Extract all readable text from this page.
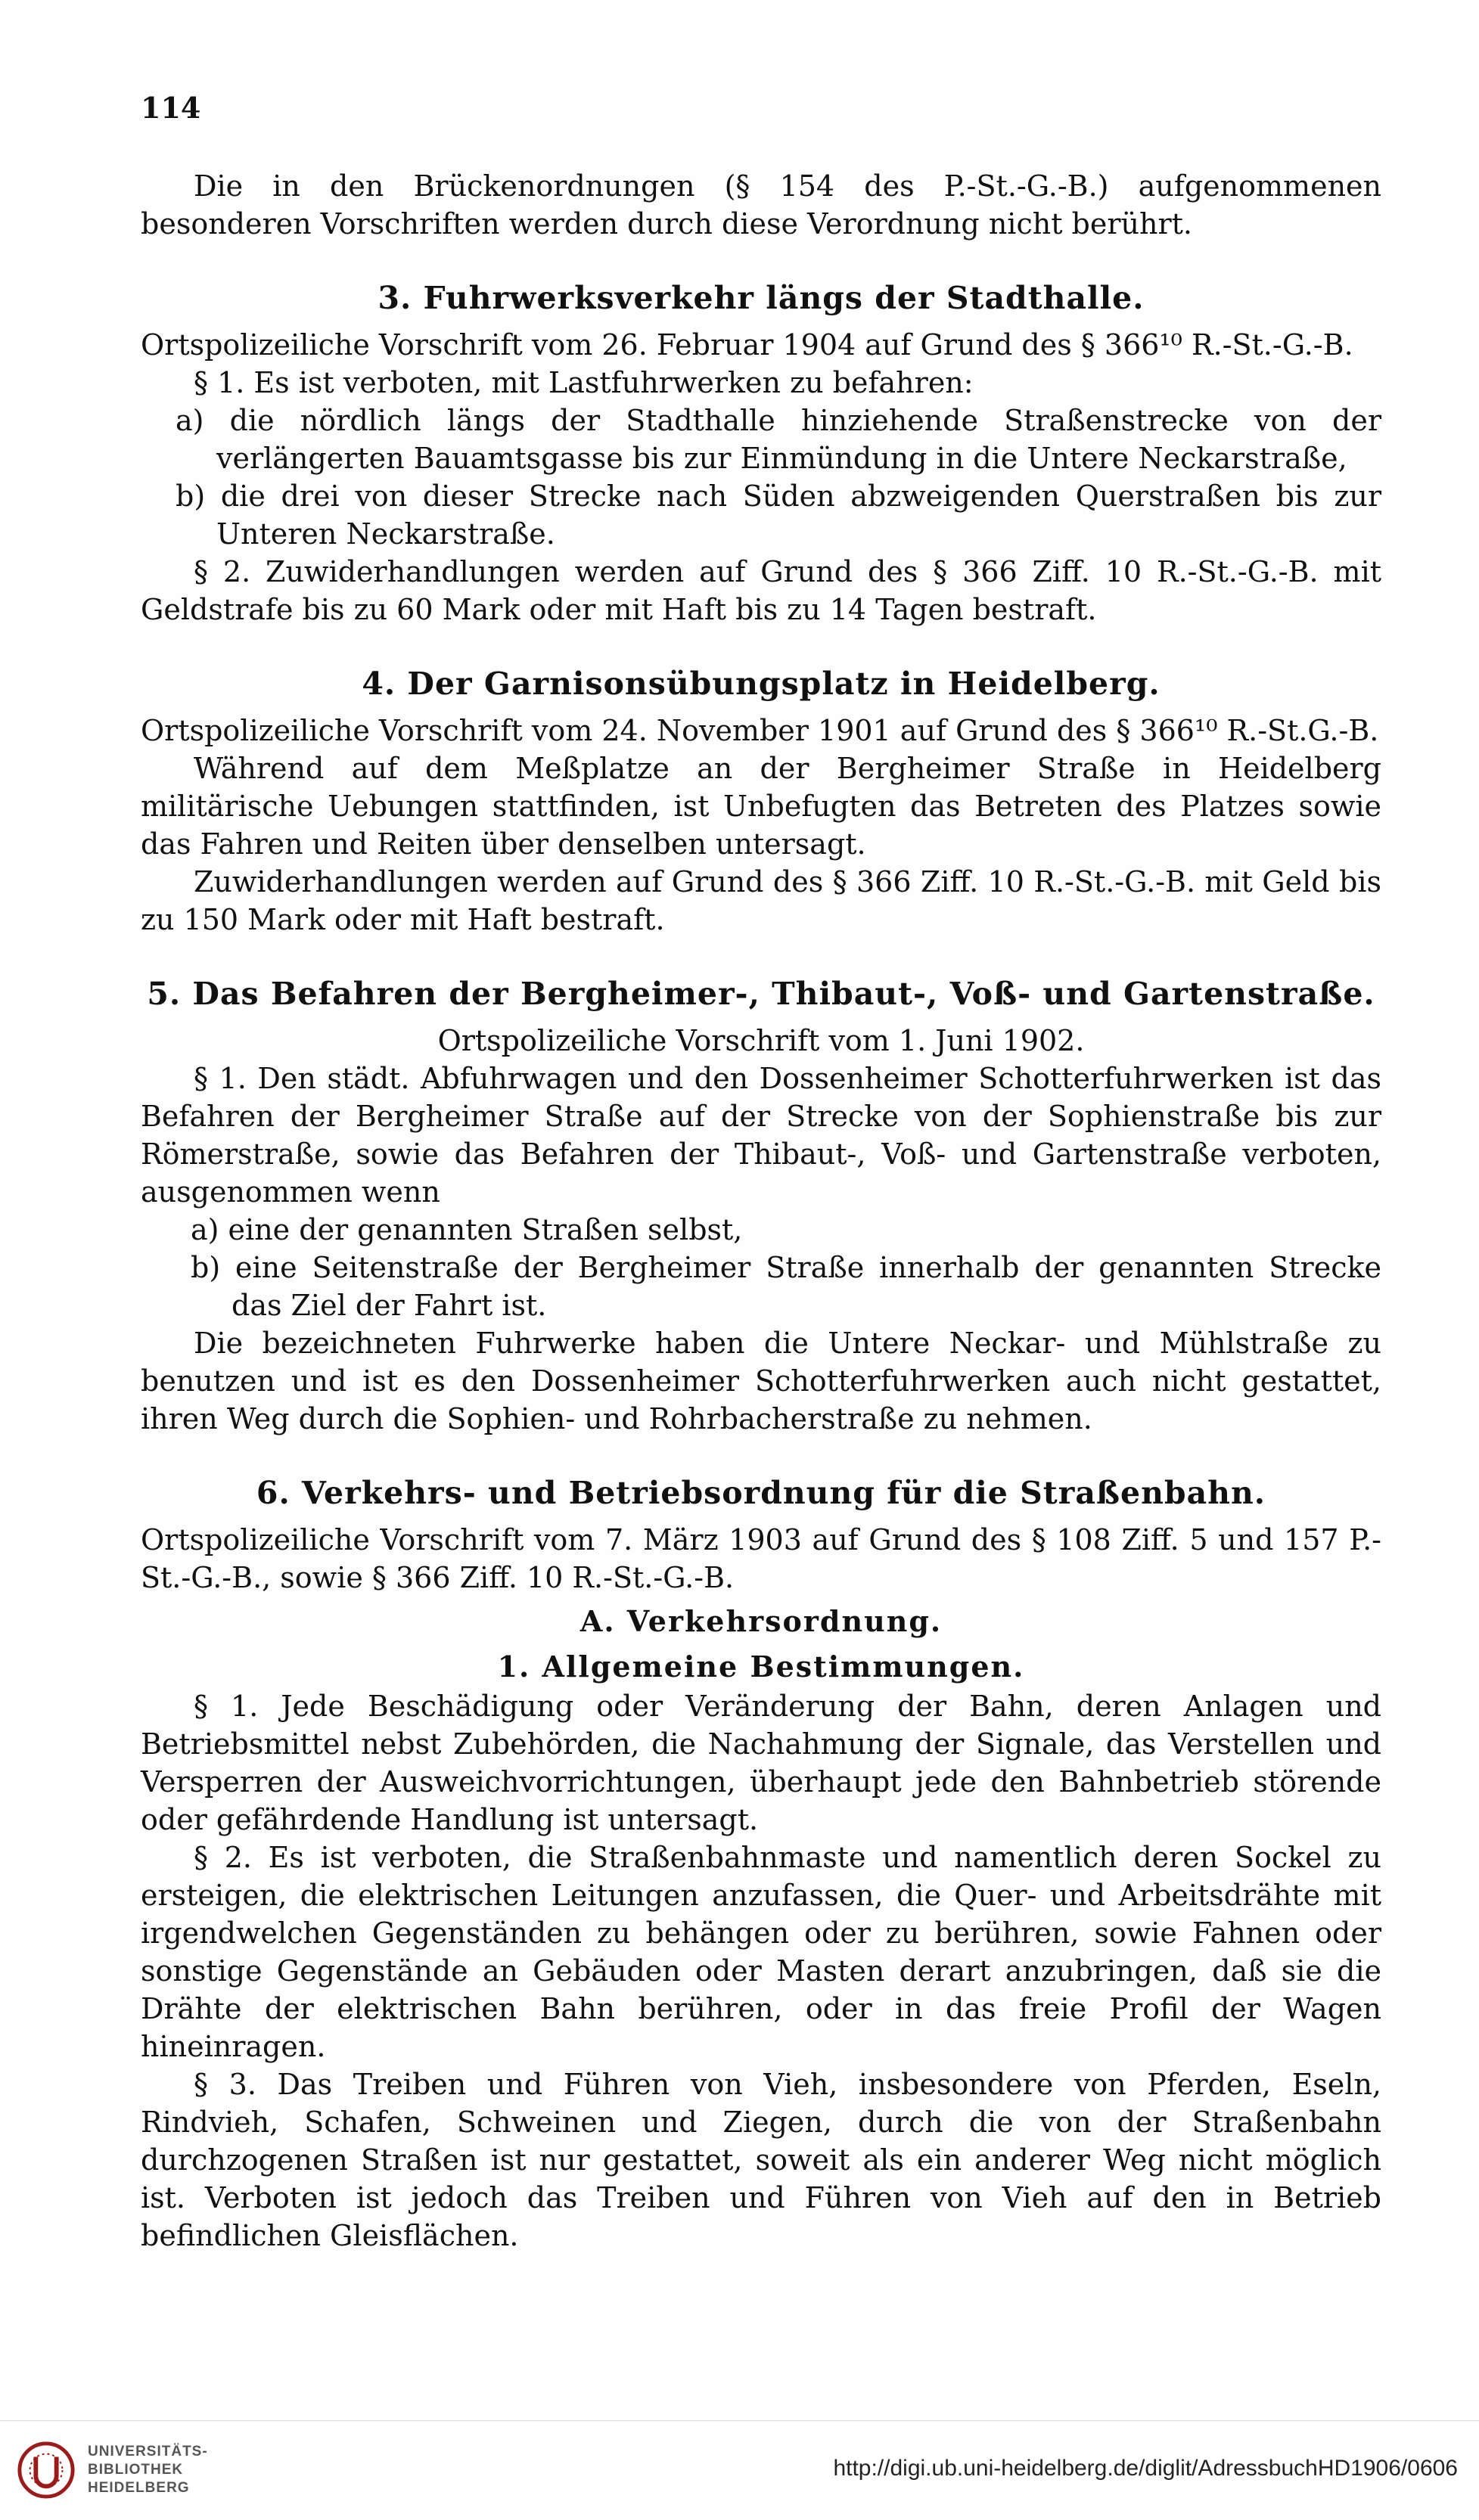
114

Die in den Brückenordnungen (§ 154 des P.-St.-G.-B.) aufgenommenen besonderen Vorschriften werden durch diese Verordnung nicht berührt.

3. Fuhrwerksverkehr längs der Stadthalle.

Ortspolizeiliche Vorschrift vom 26. Februar 1904 auf Grund des § 366¹⁰ R.-St.-G.-B.

§ 1. Es ist verboten, mit Lastfuhrwerken zu befahren:

a) die nördlich längs der Stadthalle hinziehende Straßenstrecke von der verlängerten Bauamtsgasse bis zur Einmündung in die Untere Neckarstraße,

b) die drei von dieser Strecke nach Süden abzweigenden Querstraßen bis zur Unteren Neckarstraße.

§ 2. Zuwiderhandlungen werden auf Grund des § 366 Ziff. 10 R.-St.-G.-B. mit Geldstrafe bis zu 60 Mark oder mit Haft bis zu 14 Tagen bestraft.

4. Der Garnisonsübungsplatz in Heidelberg.

Ortspolizeiliche Vorschrift vom 24. November 1901 auf Grund des § 366¹⁰ R.-St.G.-B.

Während auf dem Meßplatze an der Bergheimer Straße in Heidelberg militärische Uebungen stattfinden, ist Unbefugten das Betreten des Platzes sowie das Fahren und Reiten über denselben untersagt.

Zuwiderhandlungen werden auf Grund des § 366 Ziff. 10 R.-St.-G.-B. mit Geld bis zu 150 Mark oder mit Haft bestraft.

5. Das Befahren der Bergheimer-, Thibaut-, Voß- und Gartenstraße.

Ortspolizeiliche Vorschrift vom 1. Juni 1902.

§ 1. Den städt. Abfuhrwagen und den Dossenheimer Schotterfuhrwerken ist das Befahren der Bergheimer Straße auf der Strecke von der Sophienstraße bis zur Römerstraße, sowie das Befahren der Thibaut-, Voß- und Gartenstraße verboten, ausgenommen wenn

a) eine der genannten Straßen selbst,

b) eine Seitenstraße der Bergheimer Straße innerhalb der genannten Strecke das Ziel der Fahrt ist.

Die bezeichneten Fuhrwerke haben die Untere Neckar- und Mühlstraße zu benutzen und ist es den Dossenheimer Schotterfuhrwerken auch nicht gestattet, ihren Weg durch die Sophien- und Rohrbacherstraße zu nehmen.

6. Verkehrs- und Betriebsordnung für die Straßenbahn.

Ortspolizeiliche Vorschrift vom 7. März 1903 auf Grund des § 108 Ziff. 5 und 157 P.-St.-G.-B., sowie § 366 Ziff. 10 R.-St.-G.-B.

A. Verkehrsordnung.

1. Allgemeine Bestimmungen.

§ 1. Jede Beschädigung oder Veränderung der Bahn, deren Anlagen und Betriebsmittel nebst Zubehörden, die Nachahmung der Signale, das Verstellen und Versperren der Ausweichvorrichtungen, überhaupt jede den Bahnbetrieb störende oder gefährdende Handlung ist untersagt.

§ 2. Es ist verboten, die Straßenbahnmaste und namentlich deren Sockel zu ersteigen, die elektrischen Leitungen anzufassen, die Quer- und Arbeitsdrähte mit irgendwelchen Gegenständen zu behängen oder zu berühren, sowie Fahnen oder sonstige Gegenstände an Gebäuden oder Masten derart anzubringen, daß sie die Drähte der elektrischen Bahn berühren, oder in das freie Profil der Wagen hineinragen.

§ 3. Das Treiben und Führen von Vieh, insbesondere von Pferden, Eseln, Rindvieh, Schafen, Schweinen und Ziegen, durch die von der Straßenbahn durchzogenen Straßen ist nur gestattet, soweit als ein anderer Weg nicht möglich ist. Verboten ist jedoch das Treiben und Führen von Vieh auf den in Betrieb befindlichen Gleisflächen.

UNIVERSITÄTS-
BIBLIOTHEK
HEIDELBERG
http://digi.ub.uni-heidelberg.de/diglit/AdressbuchHD1906/0606
